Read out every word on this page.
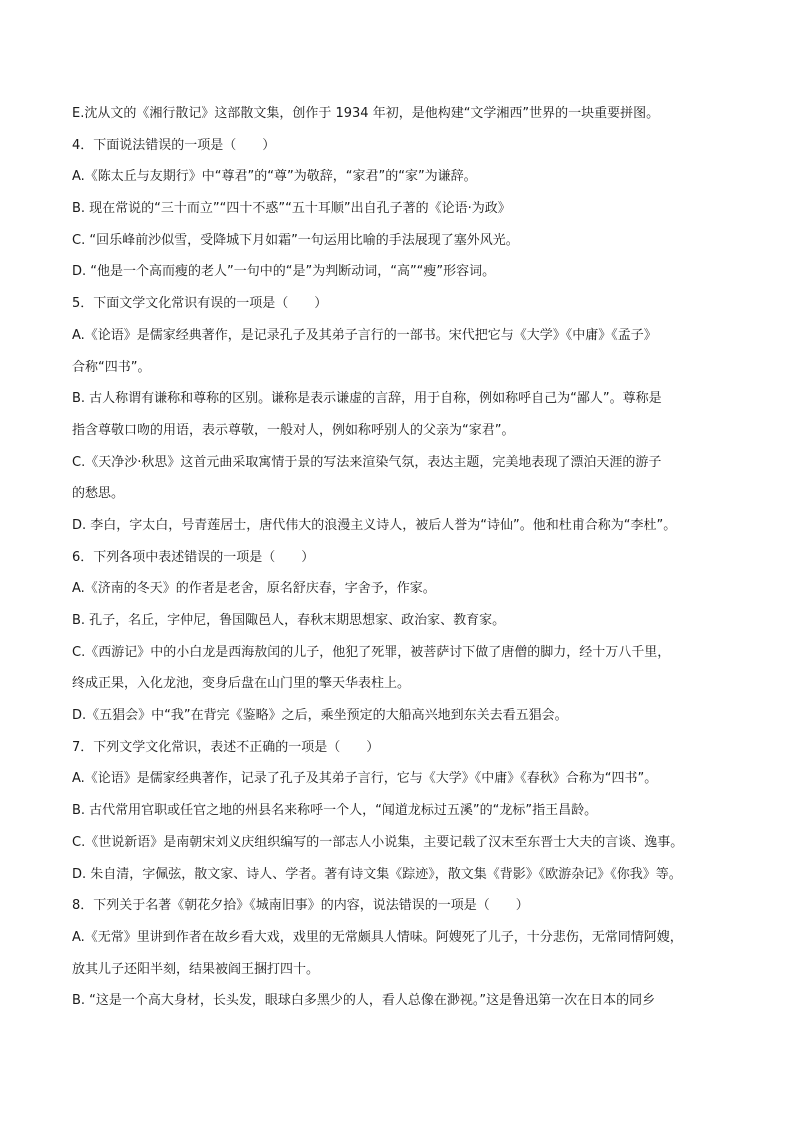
E.沈从文的《湘行散记》这部散文集，创作于 1934 年初，是他构建“文学湘西”世界的一块重要拼图。
4．下面说法错误的一项是（　　）
A.《陈太丘与友期行》中“尊君”的“尊”为敬辞，“家君”的“家”为谦辞。
B. 现在常说的“三十而立”“四十不惑”“五十耳顺”出自孔子著的《论语·为政》
C. “回乐峰前沙似雪，受降城下月如霜”一句运用比喻的手法展现了塞外风光。
D. “他是一个高而瘦的老人”一句中的“是”为判断动词，“高”“瘦”形容词。
5．下面文学文化常识有误的一项是（　　）
A.《论语》是儒家经典著作，是记录孔子及其弟子言行的一部书。宋代把它与《大学》《中庸》《孟子》
合称“四书”。
B. 古人称谓有谦称和尊称的区别。谦称是表示谦虚的言辞，用于自称，例如称呼自己为“鄙人”。尊称是
指含尊敬口吻的用语，表示尊敬，一般对人，例如称呼别人的父亲为“家君”。
C.《天净沙·秋思》这首元曲采取寓情于景的写法来渲染气氛，表达主题，完美地表现了漂泊天涯的游子
的愁思。
D. 李白，字太白，号青莲居士，唐代伟大的浪漫主义诗人，被后人誉为“诗仙”。他和杜甫合称为“李杜”。
6．下列各项中表述错误的一项是（　　）
A.《济南的冬天》的作者是老舍，原名舒庆春，字舍予，作家。
B. 孔子，名丘，字仲尼，鲁国陬邑人，春秋末期思想家、政治家、教育家。
C.《西游记》中的小白龙是西海敖闰的儿子，他犯了死罪，被菩萨讨下做了唐僧的脚力，经十万八千里，
终成正果，入化龙池，变身后盘在山门里的擎天华表柱上。
D.《五猖会》中“我”在背完《鉴略》之后，乘坐预定的大船高兴地到东关去看五猖会。
7．下列文学文化常识，表述不正确的一项是（　　）
A.《论语》是儒家经典著作，记录了孔子及其弟子言行，它与《大学》《中庸》《春秋》合称为“四书”。
B. 古代常用官职或任官之地的州县名来称呼一个人，“闻道龙标过五溪”的“龙标”指王昌龄。
C.《世说新语》是南朝宋刘义庆组织编写的一部志人小说集，主要记载了汉末至东晋士大夫的言谈、逸事。
D. 朱自清，字佩弦，散文家、诗人、学者。著有诗文集《踪迹》，散文集《背影》《欧游杂记》《你我》等。
8．下列关于名著《朝花夕拾》《城南旧事》的内容，说法错误的一项是（　　）
A.《无常》里讲到作者在故乡看大戏，戏里的无常颇具人情味。阿嫂死了儿子，十分悲伤，无常同情阿嫂，
放其儿子还阳半刻，结果被阎王捆打四十。
B. “这是一个高大身材，长头发，眼球白多黑少的人，看人总像在渺视。”这是鲁迅第一次在日本的同乡
